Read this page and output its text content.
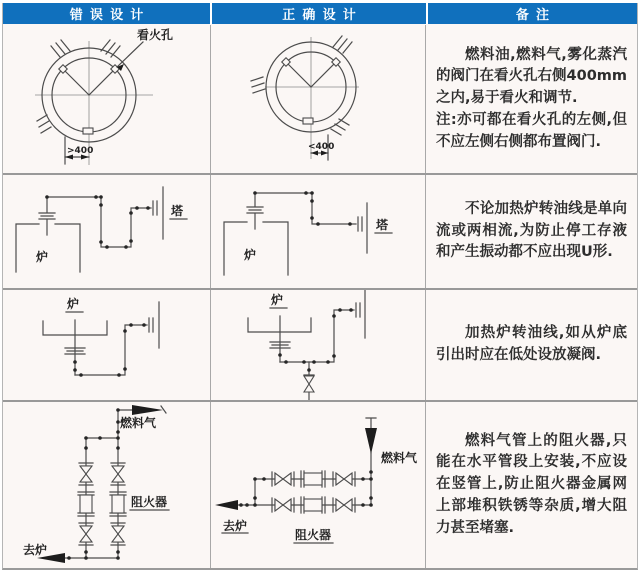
错误设计	正确设计	备注
看火孔
>400	<400

燃料油,燃料气,雾化蒸汽的阀门在看火孔右侧400mm之内,易于看火和调节.

注:亦可都在看火孔的左侧,但不应左侧右侧都布置阀门.

炉
塔
炉
塔

不论加热炉转油线是单向流或两相流,为防止停工存液和产生振动都不应出现U形.

炉	炉

加热炉转油线,如从炉底引出时应在低处设放凝阀.

燃料气
去炉
阻火器
燃料气
去炉
阻火器

燃料气管上的阻火器,只能在水平管段上安装,不应设在竖管上,防止阻火器金属网上部堆积铁锈等杂质,增大阻力甚至堵塞.
